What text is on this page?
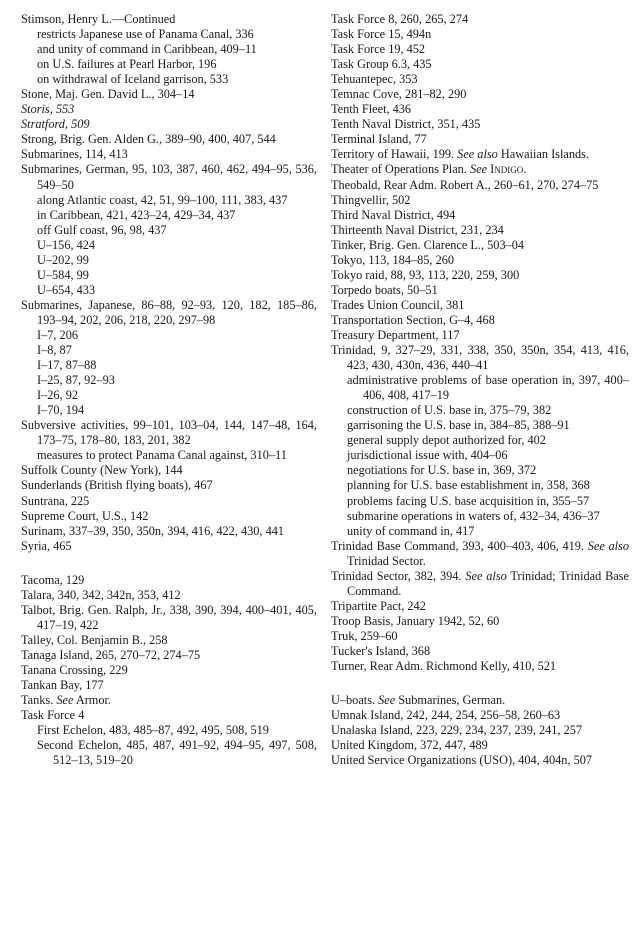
Stimson, Henry L.—Continued
restricts Japanese use of Panama Canal, 336
and unity of command in Caribbean, 409–11
on U.S. failures at Pearl Harbor, 196
on withdrawal of Iceland garrison, 533
Stone, Maj. Gen. David L., 304–14
Storis, 553
Stratford, 509
Strong, Brig. Gen. Alden G., 389–90, 400, 407, 544
Submarines, 114, 413
Submarines, German, 95, 103, 387, 460, 462, 494–95, 536, 549–50
along Atlantic coast, 42, 51, 99–100, 111, 383, 437
in Caribbean, 421, 423–24, 429–34, 437
off Gulf coast, 96, 98, 437
U–156, 424
U–202, 99
U–584, 99
U–654, 433
Submarines, Japanese, 86–88, 92–93, 120, 182, 185–86, 193–94, 202, 206, 218, 220, 297–98
I–7, 206
I–8, 87
I–17, 87–88
I–25, 87, 92–93
I–26, 92
I–70, 194
Subversive activities, 99–101, 103–04, 144, 147–48, 164, 173–75, 178–80, 183, 201, 382
measures to protect Panama Canal against, 310–11
Suffolk County (New York), 144
Sunderlands (British flying boats), 467
Suntrana, 225
Supreme Court, U.S., 142
Surinam, 337–39, 350, 350n, 394, 416, 422, 430, 441
Syria, 465
Tacoma, 129
Talara, 340, 342, 342n, 353, 412
Talbot, Brig. Gen. Ralph, Jr., 338, 390, 394, 400–401, 405, 417–19, 422
Talley, Col. Benjamin B., 258
Tanaga Island, 265, 270–72, 274–75
Tanana Crossing, 229
Tankan Bay, 177
Tanks. See Armor.
Task Force 4
First Echelon, 483, 485–87, 492, 495, 508, 519
Second Echelon, 485, 487, 491–92, 494–95, 497, 508, 512–13, 519–20
Task Force 8, 260, 265, 274
Task Force 15, 494n
Task Force 19, 452
Task Group 6.3, 435
Tehuantepec, 353
Temnac Cove, 281–82, 290
Tenth Fleet, 436
Tenth Naval District, 351, 435
Terminal Island, 77
Territory of Hawaii, 199. See also Hawaiian Islands.
Theater of Operations Plan. See Indigo.
Theobald, Rear Adm. Robert A., 260–61, 270, 274–75
Thingvellir, 502
Third Naval District, 494
Thirteenth Naval District, 231, 234
Tinker, Brig. Gen. Clarence L., 503–04
Tokyo, 113, 184–85, 260
Tokyo raid, 88, 93, 113, 220, 259, 300
Torpedo boats, 50–51
Trades Union Council, 381
Transportation Section, G–4, 468
Treasury Department, 117
Trinidad, 9, 327–29, 331, 338, 350, 350n, 354, 413, 416, 423, 430, 430n, 436, 440–41
administrative problems of base operation in, 397, 400–406, 408, 417–19
construction of U.S. base in, 375–79, 382
garrisoning the U.S. base in, 384–85, 388–91
general supply depot authorized for, 402
jurisdictional issue with, 404–06
negotiations for U.S. base in, 369, 372
planning for U.S. base establishment in, 358, 368
problems facing U.S. base acquisition in, 355–57
submarine operations in waters of, 432–34, 436–37
unity of command in, 417
Trinidad Base Command, 393, 400–403, 406, 419. See also Trinidad Sector.
Trinidad Sector, 382, 394. See also Trinidad; Trinidad Base Command.
Tripartite Pact, 242
Troop Basis, January 1942, 52, 60
Truk, 259–60
Tucker's Island, 368
Turner, Rear Adm. Richmond Kelly, 410, 521
U–boats. See Submarines, German.
Umnak Island, 242, 244, 254, 256–58, 260–63
Unalaska Island, 223, 229, 234, 237, 239, 241, 257
United Kingdom, 372, 447, 489
United Service Organizations (USO), 404, 404n, 507
